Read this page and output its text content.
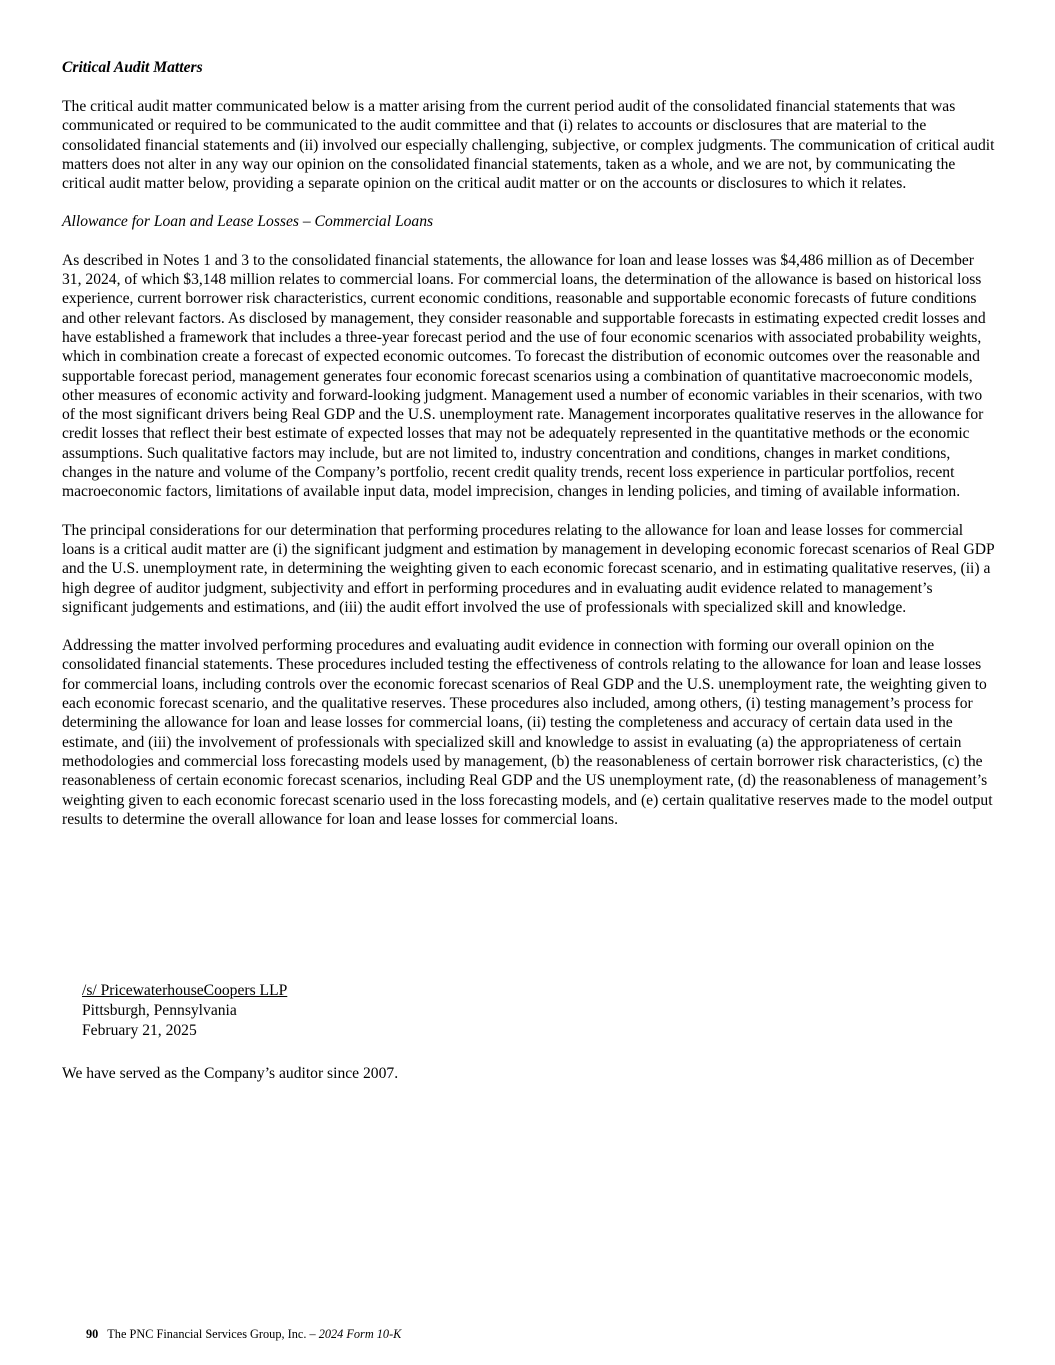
Critical Audit Matters

The critical audit matter communicated below is a matter arising from the current period audit of the consolidated financial statements that was communicated or required to be communicated to the audit committee and that (i) relates to accounts or disclosures that are material to the consolidated financial statements and (ii) involved our especially challenging, subjective, or complex judgments. The communication of critical audit matters does not alter in any way our opinion on the consolidated financial statements, taken as a whole, and we are not, by communicating the critical audit matter below, providing a separate opinion on the critical audit matter or on the accounts or disclosures to which it relates.

Allowance for Loan and Lease Losses – Commercial Loans

As described in Notes 1 and 3 to the consolidated financial statements, the allowance for loan and lease losses was $4,486 million as of December 31, 2024, of which $3,148 million relates to commercial loans. For commercial loans, the determination of the allowance is based on historical loss experience, current borrower risk characteristics, current economic conditions, reasonable and supportable economic forecasts of future conditions and other relevant factors. As disclosed by management, they consider reasonable and supportable forecasts in estimating expected credit losses and have established a framework that includes a three-year forecast period and the use of four economic scenarios with associated probability weights, which in combination create a forecast of expected economic outcomes. To forecast the distribution of economic outcomes over the reasonable and supportable forecast period, management generates four economic forecast scenarios using a combination of quantitative macroeconomic models, other measures of economic activity and forward-looking judgment. Management used a number of economic variables in their scenarios, with two of the most significant drivers being Real GDP and the U.S. unemployment rate. Management incorporates qualitative reserves in the allowance for credit losses that reflect their best estimate of expected losses that may not be adequately represented in the quantitative methods or the economic assumptions. Such qualitative factors may include, but are not limited to, industry concentration and conditions, changes in market conditions, changes in the nature and volume of the Company’s portfolio, recent credit quality trends, recent loss experience in particular portfolios, recent macroeconomic factors, limitations of available input data, model imprecision, changes in lending policies, and timing of available information.

The principal considerations for our determination that performing procedures relating to the allowance for loan and lease losses for commercial loans is a critical audit matter are (i) the significant judgment and estimation by management in developing economic forecast scenarios of Real GDP and the U.S. unemployment rate, in determining the weighting given to each economic forecast scenario, and in estimating qualitative reserves, (ii) a high degree of auditor judgment, subjectivity and effort in performing procedures and in evaluating audit evidence related to management’s significant judgements and estimations, and (iii) the audit effort involved the use of professionals with specialized skill and knowledge.

Addressing the matter involved performing procedures and evaluating audit evidence in connection with forming our overall opinion on the consolidated financial statements. These procedures included testing the effectiveness of controls relating to the allowance for loan and lease losses for commercial loans, including controls over the economic forecast scenarios of Real GDP and the U.S. unemployment rate, the weighting given to each economic forecast scenario, and the qualitative reserves. These procedures also included, among others, (i) testing management’s process for determining the allowance for loan and lease losses for commercial loans, (ii) testing the completeness and accuracy of certain data used in the estimate, and (iii) the involvement of professionals with specialized skill and knowledge to assist in evaluating (a) the appropriateness of certain methodologies and commercial loss forecasting models used by management, (b) the reasonableness of certain borrower risk characteristics, (c) the reasonableness of certain economic forecast scenarios, including Real GDP and the US unemployment rate, (d) the reasonableness of management’s weighting given to each economic forecast scenario used in the loss forecasting models, and (e) certain qualitative reserves made to the model output results to determine the overall allowance for loan and lease losses for commercial loans.

/s/ PricewaterhouseCoopers LLP
Pittsburgh, Pennsylvania
February 21, 2025
We have served as the Company’s auditor since 2007.
90 The PNC Financial Services Group, Inc. – 2024 Form 10-K
